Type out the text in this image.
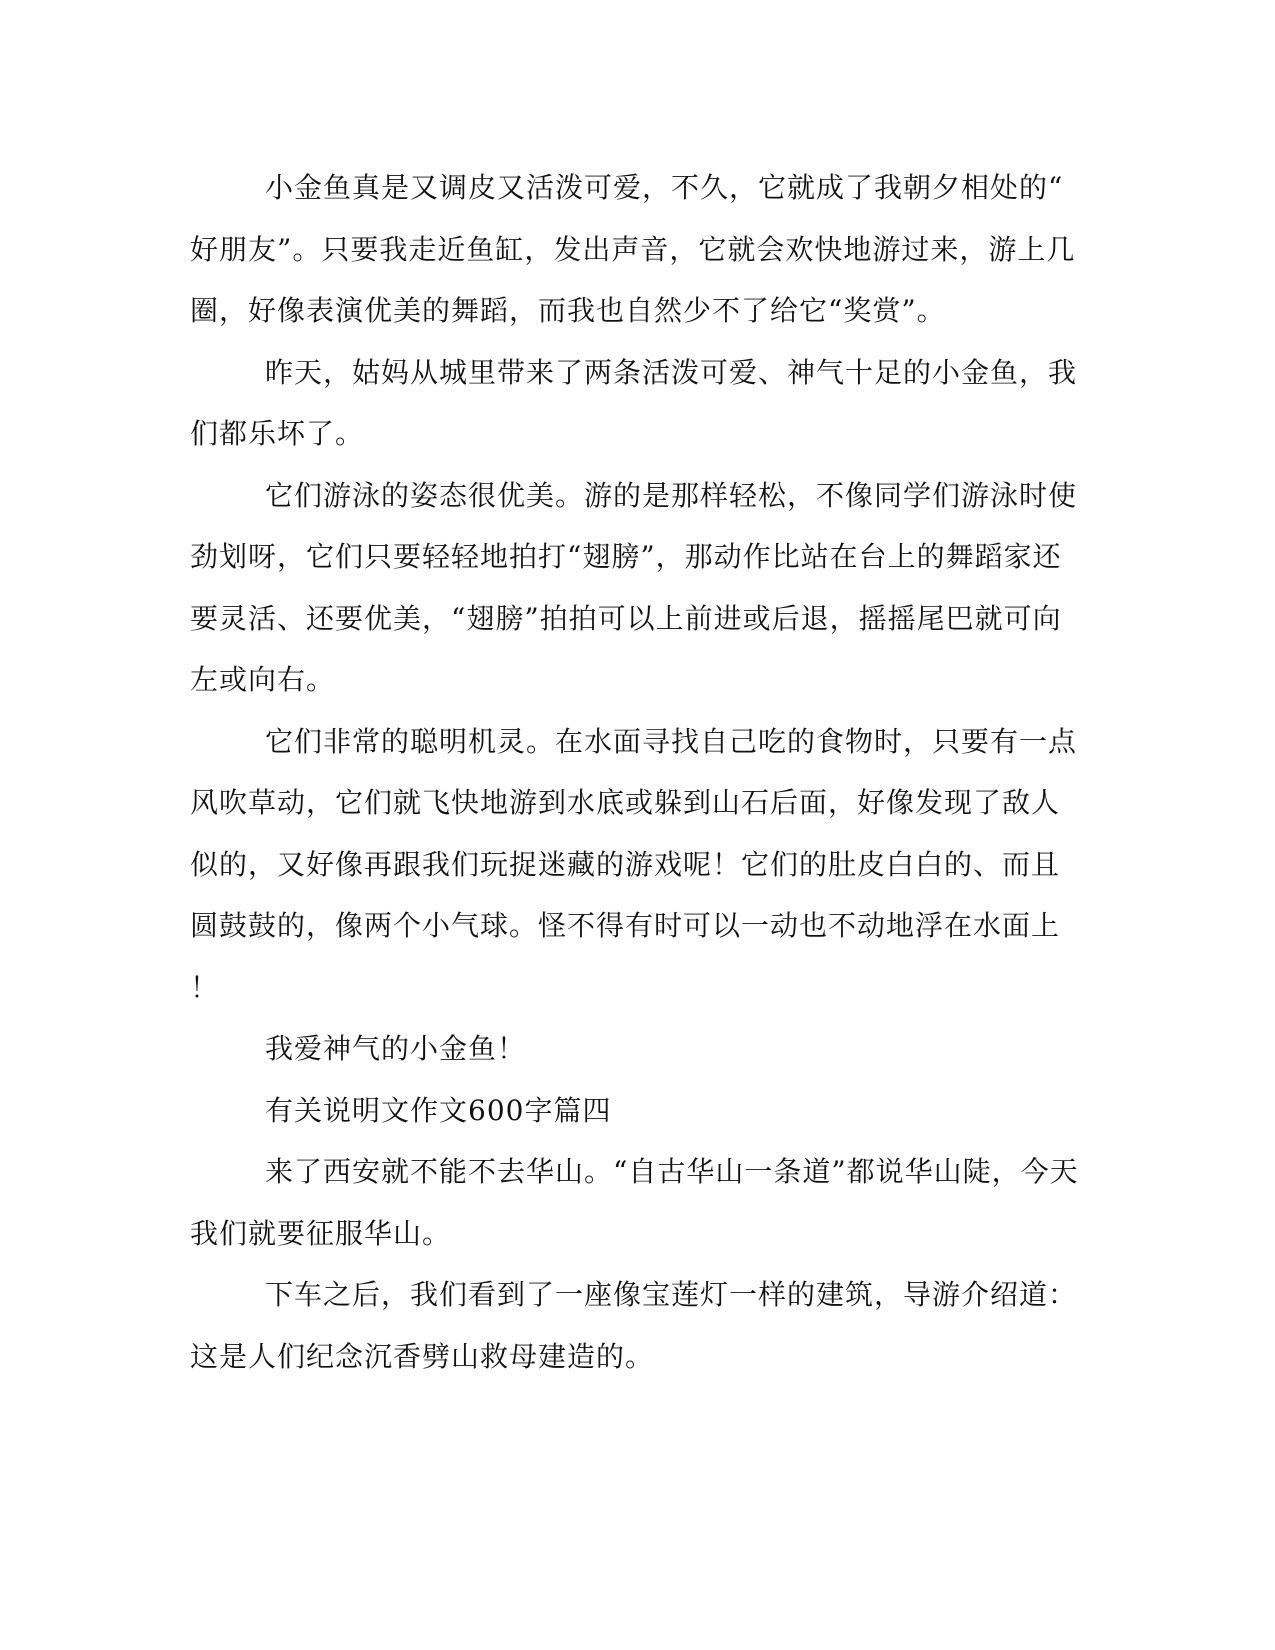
小金鱼真是又调皮又活泼可爱，不久，它就成了我朝夕相处的“
好朋友”。只要我走近鱼缸，发出声音，它就会欢快地游过来，游上几
圈，好像表演优美的舞蹈，而我也自然少不了给它“奖赏”。

昨天，姑妈从城里带来了两条活泼可爱、神气十足的小金鱼，我
们都乐坏了。

它们游泳的姿态很优美。游的是那样轻松，不像同学们游泳时使
劲划呀，它们只要轻轻地拍打“翅膀”，那动作比站在台上的舞蹈家还
要灵活、还要优美，“翅膀”拍拍可以上前进或后退，摇摇尾巴就可向
左或向右。

它们非常的聪明机灵。在水面寻找自己吃的食物时，只要有一点
风吹草动，它们就飞快地游到水底或躲到山石后面，好像发现了敌人
似的，又好像再跟我们玩捉迷藏的游戏呢！它们的肚皮白白的、而且
圆鼓鼓的，像两个小气球。怪不得有时可以一动也不动地浮在水面上
！

我爱神气的小金鱼！

有关说明文作文600字篇四

来了西安就不能不去华山。“自古华山一条道”都说华山陡，今天
我们就要征服华山。

下车之后，我们看到了一座像宝莲灯一样的建筑，导游介绍道：
这是人们纪念沉香劈山救母建造的。
